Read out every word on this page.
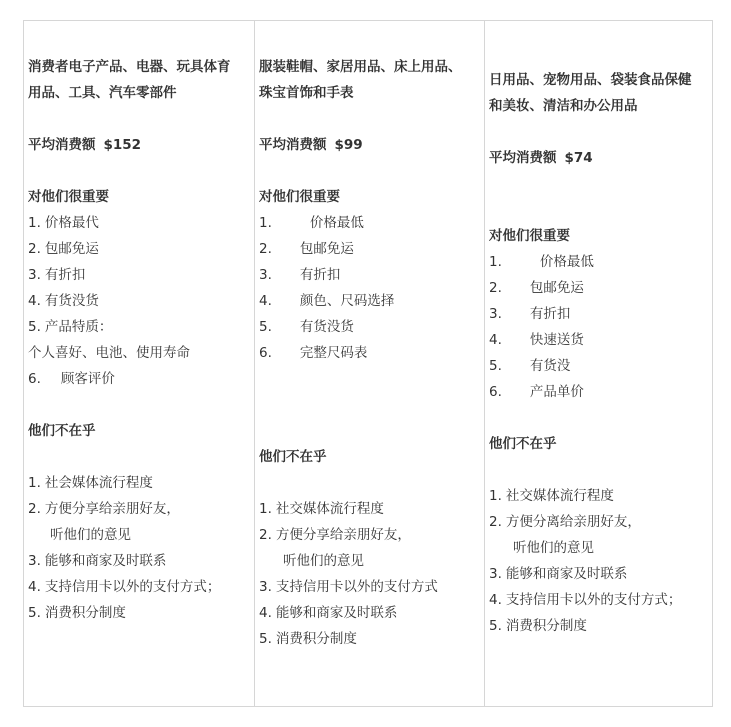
消费者电子产品、电器、玩具体育
用品、工具、汽车零部件
平均消费额 $152
对他们很重要
1. 价格最代
2. 包邮免运
3. 有折扣
4. 有货没货
5. 产品特质：
个人喜好、电池、使用寿命
6. 顾客评价
他们不在乎
1. 社会媒体流行程度
2. 方便分享给亲朋好友，
听他们的意见
3. 能够和商家及时联系
4. 支持信用卡以外的支付方式；
5. 消费积分制度
服装鞋帽、家居用品、床上用品、
珠宝首饰和手表
平均消费额 $99
对他们很重要
1.	价格最低
2. 包邮免运
3. 有折扣
4. 颜色、尺码选择
5. 有货没货
6. 完整尺码表
他们不在乎
1. 社交媒体流行程度
2. 方便分享给亲朋好友，
听他们的意见
3. 支持信用卡以外的支付方式
4. 能够和商家及时联系
5. 消费积分制度
日用品、宠物用品、袋装食品保健
和美妆、清洁和办公用品
平均消费额 $74
对他们很重要
1.	价格最低
2. 包邮免运
3. 有折扣
4. 快速送货
5. 有货没
6. 产品单价
他们不在乎
1. 社交媒体流行程度
2. 方便分离给亲朋好友，
听他们的意见
3. 能够和商家及时联系
4. 支持信用卡以外的支付方式；
5. 消费积分制度
